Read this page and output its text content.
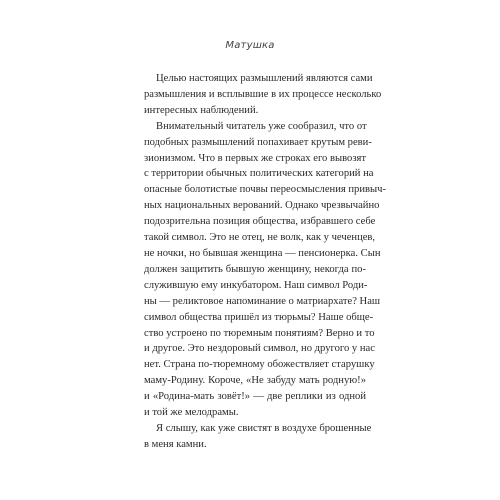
Матушка

Целью настоящих размышлений являются сами
размышления и всплывшие в их процессе несколько
интересных наблюдений.

Внимательный читатель уже сообразил, что от
подобных размышлений попахивает крутым реви-
зионизмом. Что в первых же строках его вывозят
с территории обычных политических категорий на
опасные болотистые почвы переосмысления привыч-
ных национальных верований. Однако чрезвычайно
подозрительна позиция общества, избравшего себе
такой символ. Это не отец, не волк, как у чеченцев,
не ночки, но бывшая женщина — пенсионерка. Сын
должен защитить бывшую женщину, некогда по-
служившую ему инкубатором. Наш символ Роди-
ны — реликтовое напоминание о матриархате? Наш
символ общества пришёл из тюрьмы? Наше обще-
ство устроено по тюремным понятиям? Верно и то
и другое. Это нездоровый символ, но другого у нас
нет. Страна по-тюремному обожествляет старушку
маму-Родину. Короче, «Не забуду мать родную!»
и «Родина-мать зовёт!» — две реплики из одной
и той же мелодрамы.

Я слышу, как уже свистят в воздухе брошенные
в меня камни.
